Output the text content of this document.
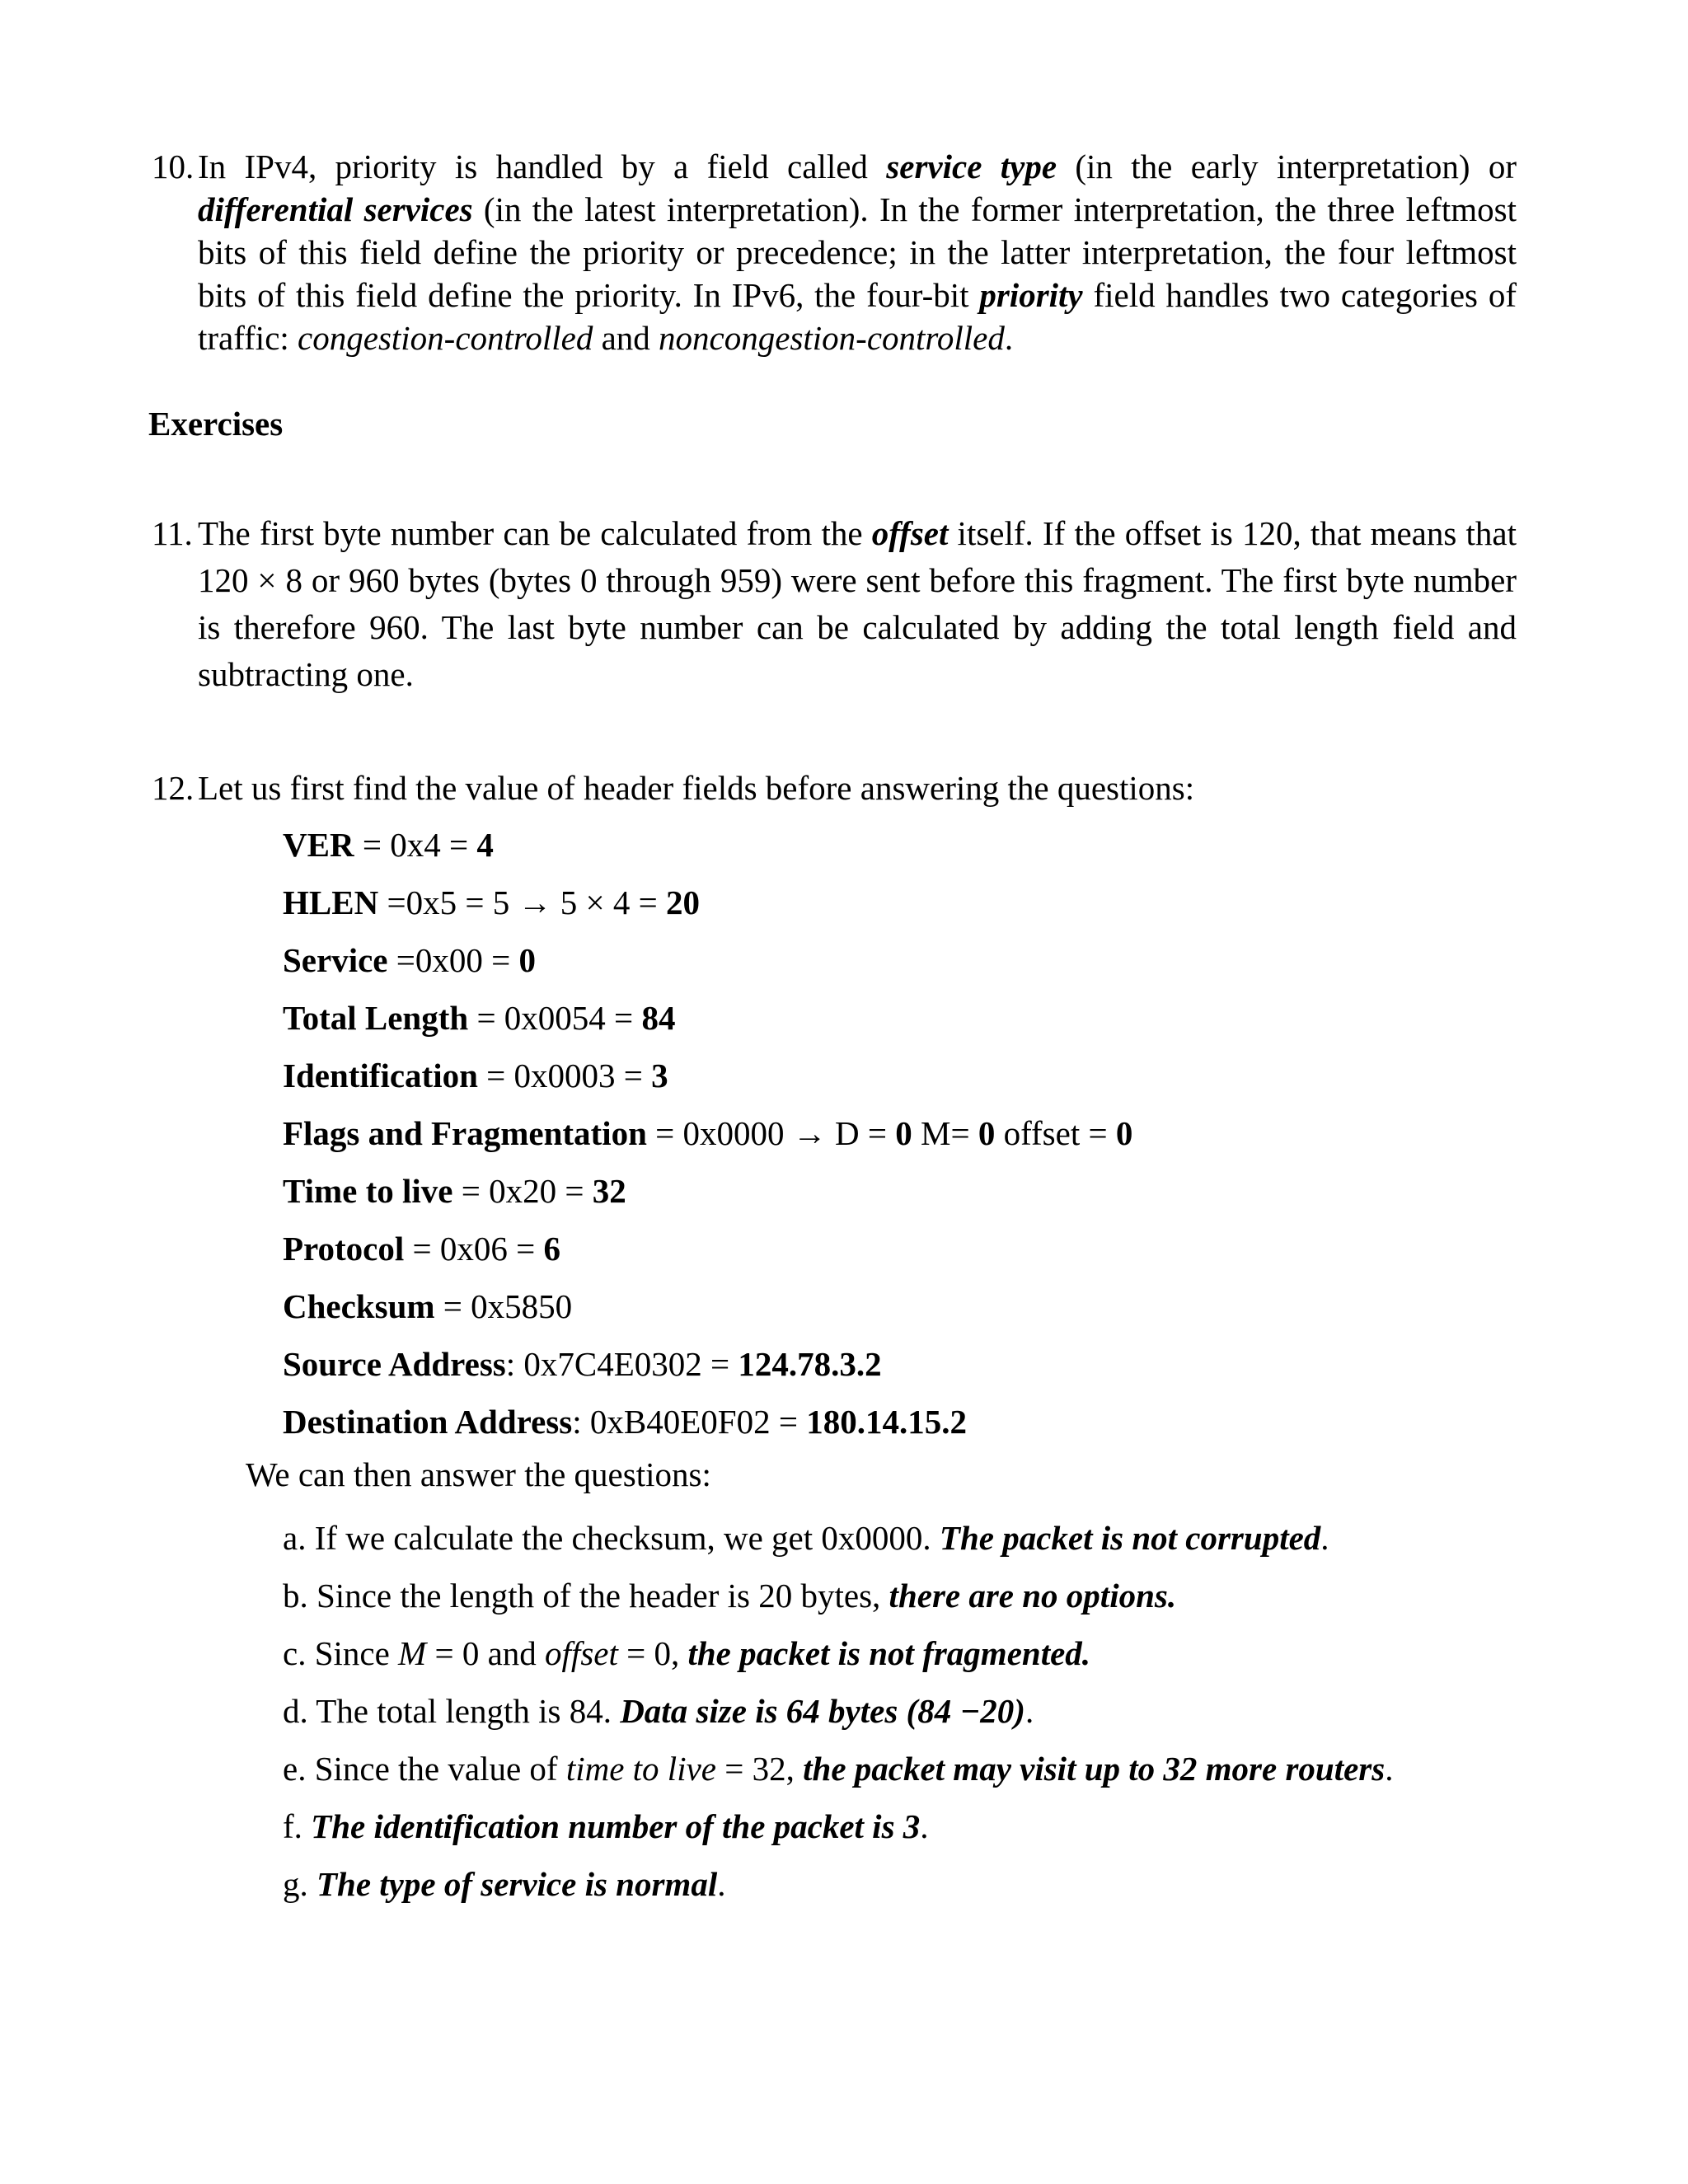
10. In IPv4, priority is handled by a field called service type (in the early interpretation) or differential services (in the latest interpretation). In the former interpretation, the three leftmost bits of this field define the priority or precedence; in the latter interpretation, the four leftmost bits of this field define the priority. In IPv6, the four-bit priority field handles two categories of traffic: congestion-controlled and noncongestion-controlled.

Exercises
11. The first byte number can be calculated from the offset itself. If the offset is 120, that means that 120 × 8 or 960 bytes (bytes 0 through 959) were sent before this fragment. The first byte number is therefore 960. The last byte number can be calculated by adding the total length field and subtracting one.

12. Let us first find the value of header fields before answering the questions:

VER = 0x4 = 4
HLEN =0x5 = 5 → 5 × 4 = 20
Service =0x00 = 0
Total Length = 0x0054 = 84
Identification = 0x0003 = 3
Flags and Fragmentation = 0x0000 → D = 0 M= 0 offset = 0
Time to live = 0x20 = 32
Protocol = 0x06 = 6
Checksum = 0x5850
Source Address: 0x7C4E0302 = 124.78.3.2
Destination Address: 0xB40E0F02 = 180.14.15.2
We can then answer the questions:
a. If we calculate the checksum, we get 0x0000. The packet is not corrupted.
b. Since the length of the header is 20 bytes, there are no options.
c. Since M = 0 and offset = 0, the packet is not fragmented.
d. The total length is 84. Data size is 64 bytes (84 −20).
e. Since the value of time to live = 32, the packet may visit up to 32 more routers.
f. The identification number of the packet is 3.
g. The type of service is normal.
